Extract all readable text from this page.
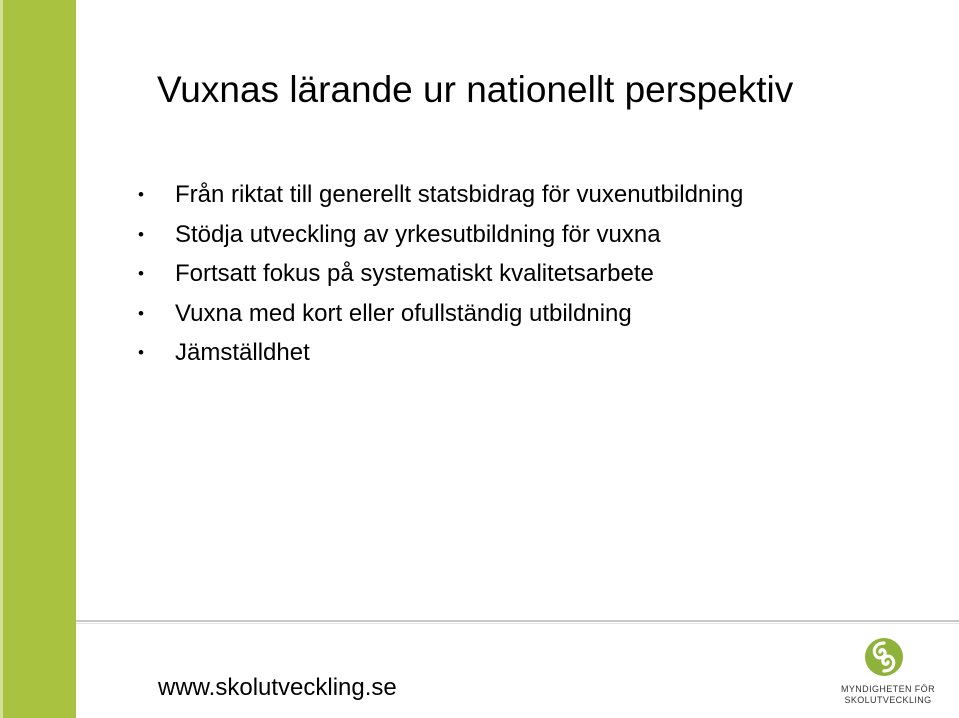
Vuxnas lärande ur nationellt perspektiv
• Från riktat till generellt statsbidrag för vuxenutbildning
• Stödja utveckling av yrkesutbildning för vuxna
• Fortsatt fokus på systematiskt kvalitetsarbete
• Vuxna med kort eller ofullständig utbildning
• Jämställdhet
www.skolutveckling.se	MYNDIGHETEN FÖR
SKOLUTVECKLING
